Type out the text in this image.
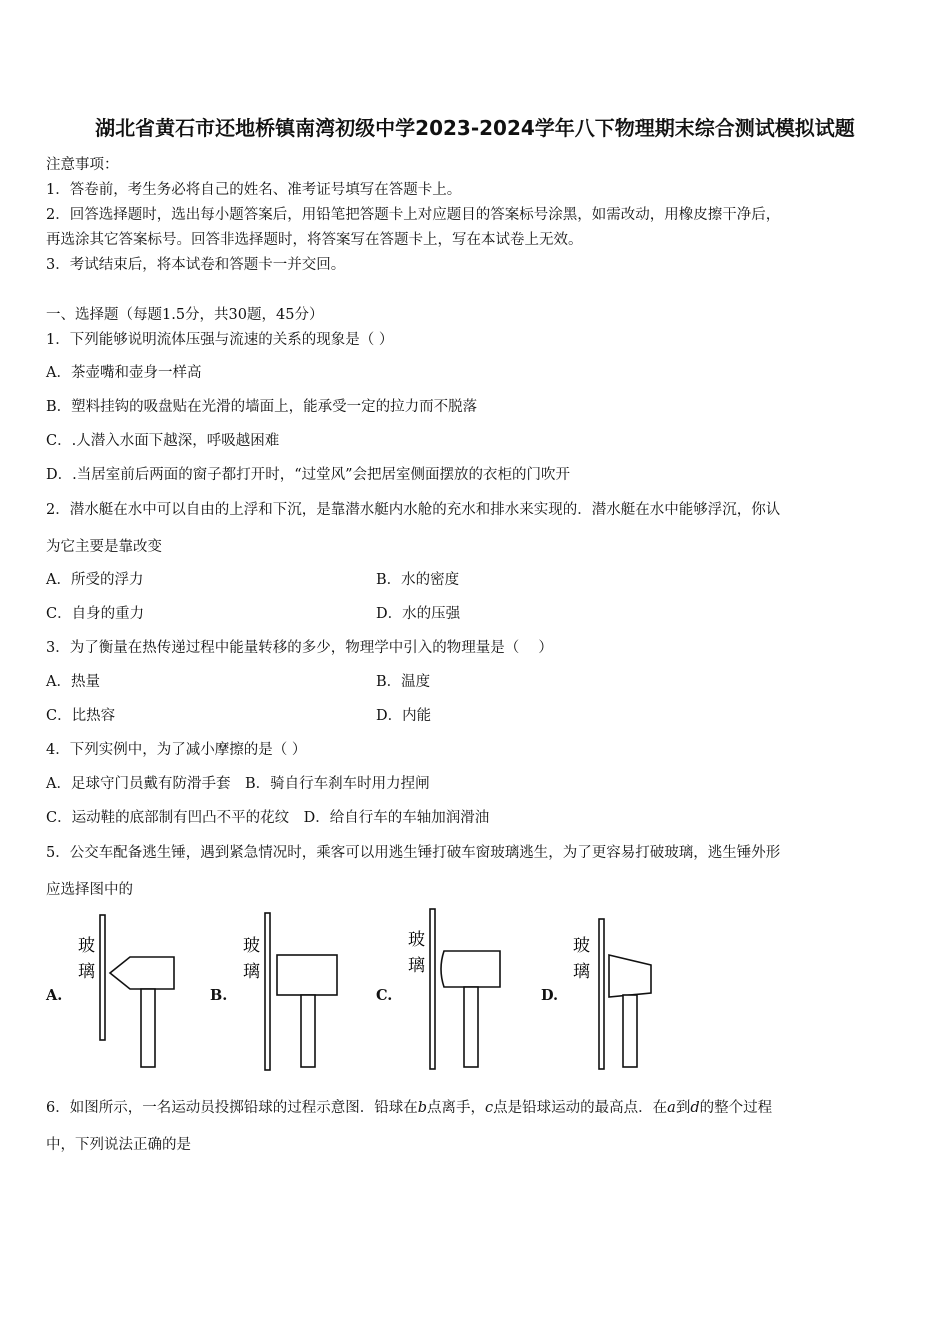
湖北省黄石市还地桥镇南湾初级中学2023-2024学年八下物理期末综合测试模拟试题
注意事项：
1．答卷前，考生务必将自己的姓名、准考证号填写在答题卡上。
2．回答选择题时，选出每小题答案后，用铅笔把答题卡上对应题目的答案标号涂黑，如需改动，用橡皮擦干净后，
再选涂其它答案标号。回答非选择题时，将答案写在答题卡上，写在本试卷上无效。
3．考试结束后，将本试卷和答题卡一并交回。
一、选择题（每题1.5分，共30题，45分）
1．下列能够说明流体压强与流速的关系的现象是（ ）
A．茶壶嘴和壶身一样高
B．塑料挂钩的吸盘贴在光滑的墙面上，能承受一定的拉力而不脱落
C．.人潜入水面下越深，呼吸越困难
D．.当居室前后两面的窗子都打开时，“过堂风”会把居室侧面摆放的衣柜的门吹开
2．潜水艇在水中可以自由的上浮和下沉，是靠潜水艇内水舱的充水和排水来实现的．潜水艇在水中能够浮沉，你认
为它主要是靠改变
A．所受的浮力	B．水的密度
C．自身的重力	D．水的压强
3．为了衡量在热传递过程中能量转移的多少，物理学中引入的物理量是（　 ）
A．热量	B．温度
C．比热容	D．内能
4．下列实例中，为了减小摩擦的是（ ）
A．足球守门员戴有防滑手套　B．骑自行车刹车时用力捏闸
C．运动鞋的底部制有凹凸不平的花纹　D．给自行车的车轴加润滑油
5．公交车配备逃生锤，遇到紧急情况时，乘客可以用逃生锤打破车窗玻璃逃生，为了更容易打破玻璃，逃生锤外形
应选择图中的
A.
玻
璃
B.
玻
璃
C.
玻
璃
D.
玻
璃
6．如图所示，一名运动员投掷铅球的过程示意图．铅球在b点离手，c点是铅球运动的最高点．在a到d的整个过程
中，下列说法正确的是
